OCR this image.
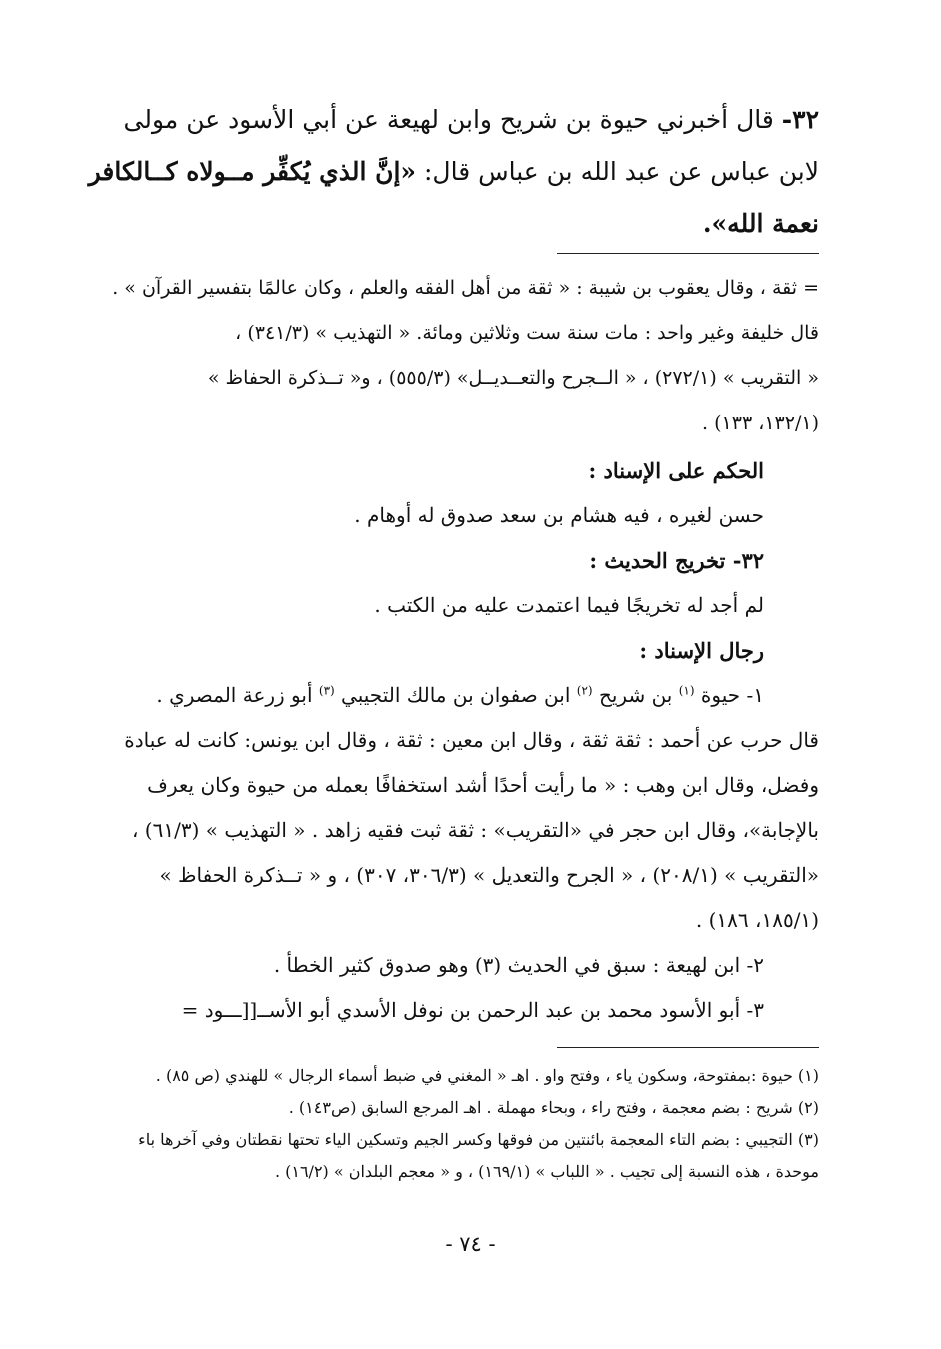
٣٢- قال أخبرني حيوة بن شريح وابن لهيعة عن أبي الأسود عن مولى

لابن عباس عن عبد الله بن عباس قال: «إنَّ الذي يُكفِّر مــولاه كــالكافر

نعمة الله».

= ثقة ، وقال يعقوب بن شيبة : « ثقة من أهل الفقه والعلم ، وكان عالمًا بتفسير القرآن » .

قال خليفة وغير واحد : مات سنة ست وثلاثين ومائة. « التهذيب » (٣٤١/٣) ،

« التقريب » (٢٧٢/١) ، « الــجرح والتعــديــل» (٥٥٥/٣) ، و« تــذكرة الحفاظ »

(١٣٢/١، ١٣٣) .

الحكم على الإسناد :

حسن لغيره ، فيه هشام بن سعد صدوق له أوهام .

٣٢- تخريج الحديث :

لم أجد له تخريجًا فيما اعتمدت عليه من الكتب .

رجال الإسناد :

١- حيوة $^{(١)}$ بن شريح $^{(٢)}$ ابن صفوان بن مالك التجيبي $^{(٣)}$ أبو زرعة المصري .

قال حرب عن أحمد : ثقة ثقة ، وقال ابن معين : ثقة ، وقال ابن يونس: كانت له عبادة

وفضل، وقال ابن وهب : « ما رأيت أحدًا أشد استخفافًا بعمله من حيوة وكان يعرف

بالإجابة»، وقال ابن حجر في «التقريب» : ثقة ثبت فقيه زاهد . « التهذيب » (٦١/٣) ،

«التقريب » (٢٠٨/١) ، « الجرح والتعديل » (٣٠٦/٣، ٣٠٧) ، و « تــذكرة الحفاظ »

(١٨٥/١، ١٨٦) .

٢- ابن لهيعة : سبق في الحديث (٣) وهو صدوق كثير الخطأ .

٣- أبو الأسود محمد بن عبد الرحمن بن نوفل الأسدي أبو الأســ[[ـــود =

(١) حيوة :بمفتوحة، وسكون ياء ، وفتح واو . اهـ « المغني في ضبط أسماء الرجال » للهندي (ص ٨٥) .

(٢) شريح : بضم معجمة ، وفتح راء ، وبحاء مهملة . اهـ المرجع السابق (ص١٤٣) .

(٣) التجيبي : بضم التاء المعجمة بائنتين من فوقها وكسر الجيم وتسكين الياء تحتها نقطتان وفي آخرها باء

موحدة ، هذه النسبة إلى تجيب . « اللباب » (١٦٩/١) ، و « معجم البلدان » (١٦/٢) .

- ٧٤ -
